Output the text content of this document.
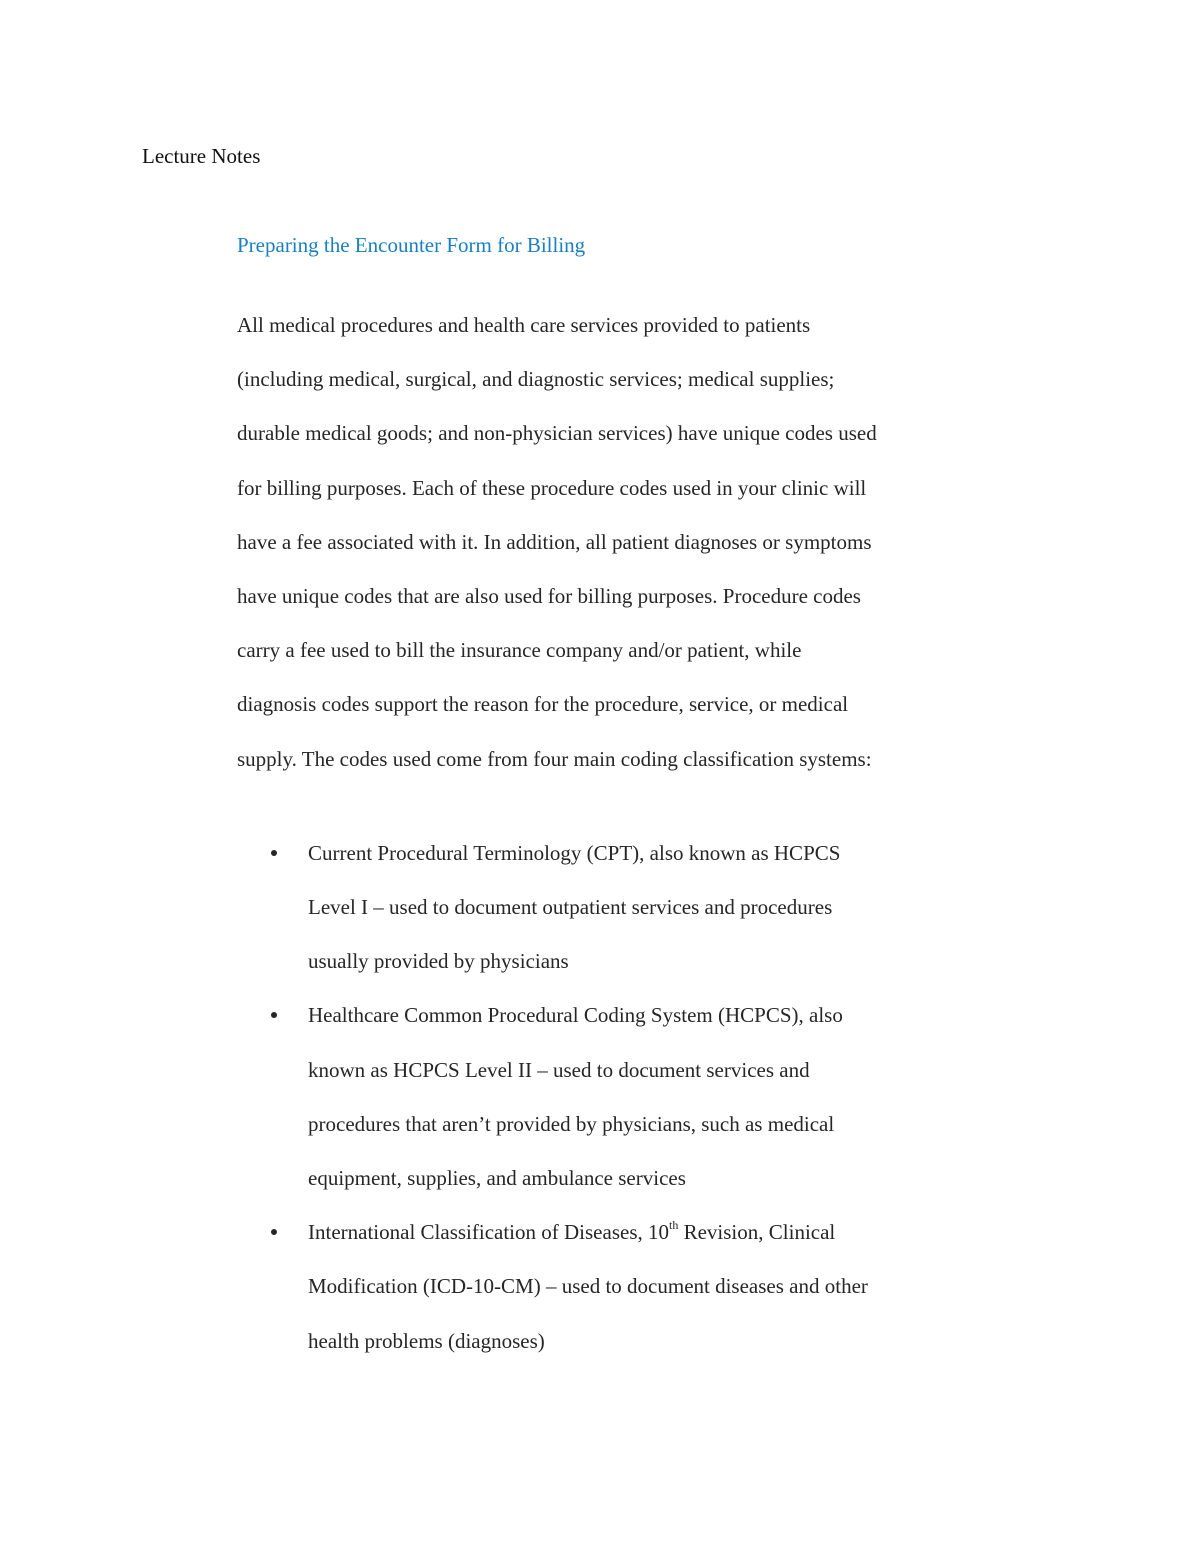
Lecture Notes
Preparing the Encounter Form for Billing

All medical procedures and health care services provided to patients
(including medical, surgical, and diagnostic services; medical supplies;
durable medical goods; and non-physician services) have unique codes used
for billing purposes. Each of these procedure codes used in your clinic will
have a fee associated with it. In addition, all patient diagnoses or symptoms
have unique codes that are also used for billing purposes. Procedure codes
carry a fee used to bill the insurance company and/or patient, while
diagnosis codes support the reason for the procedure, service, or medical
supply. The codes used come from four main coding classification systems:

Current Procedural Terminology (CPT), also known as HCPCS
Level I – used to document outpatient services and procedures
usually provided by physicians
Healthcare Common Procedural Coding System (HCPCS), also
known as HCPCS Level II – used to document services and
procedures that aren’t provided by physicians, such as medical
equipment, supplies, and ambulance services
International Classification of Diseases, 10th Revision, Clinical
Modification (ICD-10-CM) – used to document diseases and other
health problems (diagnoses)
